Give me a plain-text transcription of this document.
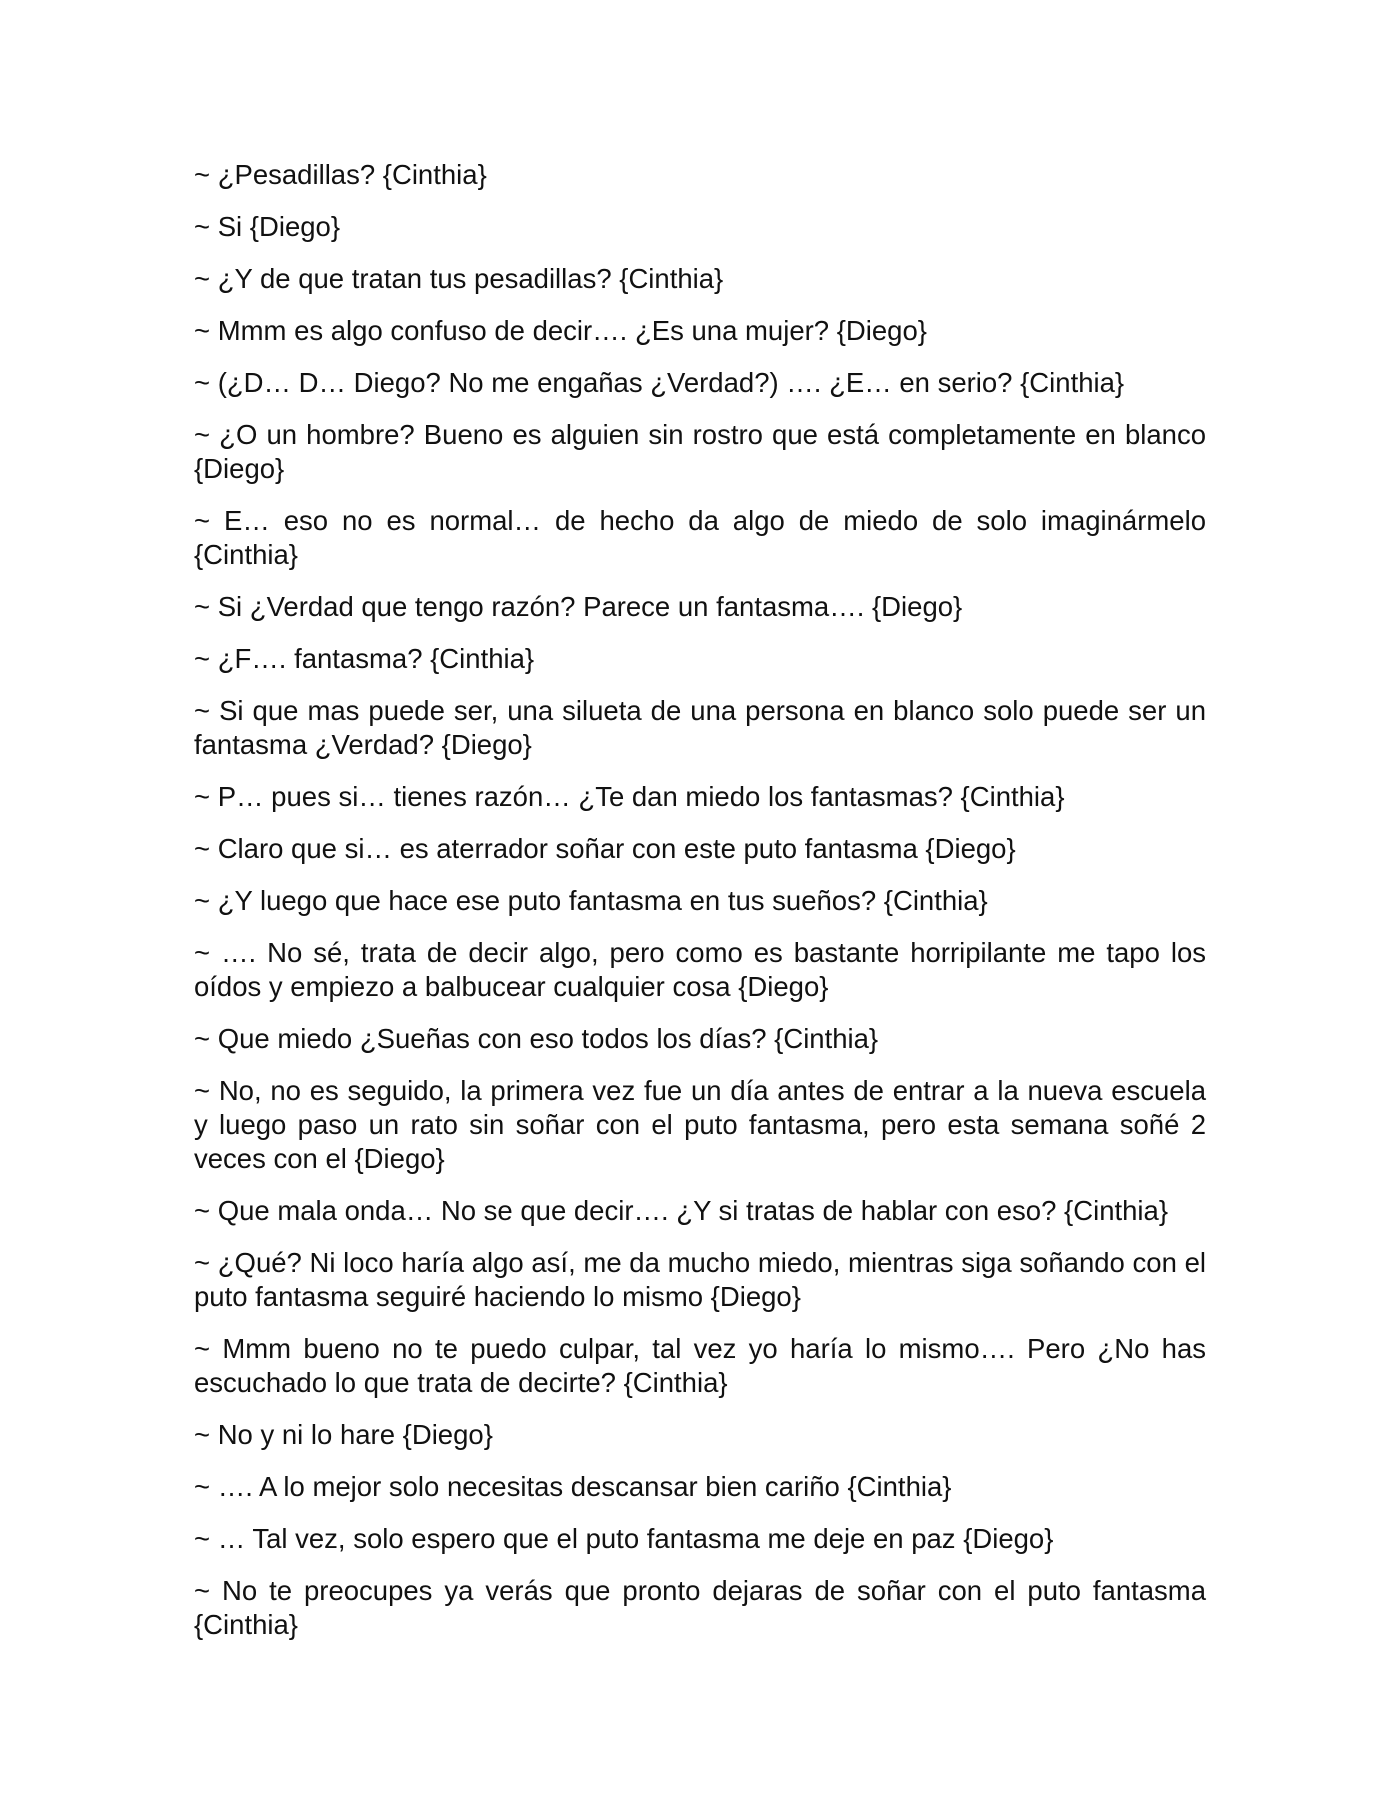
~ ¿Pesadillas? {Cinthia}

~ Si {Diego}

~ ¿Y de que tratan tus pesadillas? {Cinthia}

~ Mmm es algo confuso de decir…. ¿Es una mujer? {Diego}

~ (¿D… D… Diego? No me engañas ¿Verdad?) …. ¿E… en serio? {Cinthia}

~ ¿O un hombre? Bueno es alguien sin rostro que está completamente en blanco {Diego}

~ E… eso no es normal… de hecho da algo de miedo de solo imaginármelo {Cinthia}

~ Si ¿Verdad que tengo razón? Parece un fantasma…. {Diego}

~ ¿F…. fantasma? {Cinthia}

~ Si que mas puede ser, una silueta de una persona en blanco solo puede ser un fantasma ¿Verdad? {Diego}

~ P… pues si… tienes razón… ¿Te dan miedo los fantasmas? {Cinthia}

~ Claro que si… es aterrador soñar con este puto fantasma {Diego}

~ ¿Y luego que hace ese puto fantasma en tus sueños? {Cinthia}

~ …. No sé, trata de decir algo, pero como es bastante horripilante me tapo los oídos y empiezo a balbucear cualquier cosa {Diego}

~ Que miedo ¿Sueñas con eso todos los días? {Cinthia}

~ No, no es seguido, la primera vez fue un día antes de entrar a la nueva escuela y luego paso un rato sin soñar con el puto fantasma, pero esta semana soñé 2 veces con el {Diego}

~ Que mala onda… No se que decir…. ¿Y si tratas de hablar con eso? {Cinthia}

~ ¿Qué? Ni loco haría algo así, me da mucho miedo, mientras siga soñando con el puto fantasma seguiré haciendo lo mismo {Diego}

~ Mmm bueno no te puedo culpar, tal vez yo haría lo mismo…. Pero ¿No has escuchado lo que trata de decirte? {Cinthia}

~ No y ni lo hare {Diego}

~ …. A lo mejor solo necesitas descansar bien cariño {Cinthia}

~ … Tal vez, solo espero que el puto fantasma me deje en paz {Diego}

~ No te preocupes ya verás que pronto dejaras de soñar con el puto fantasma {Cinthia}
